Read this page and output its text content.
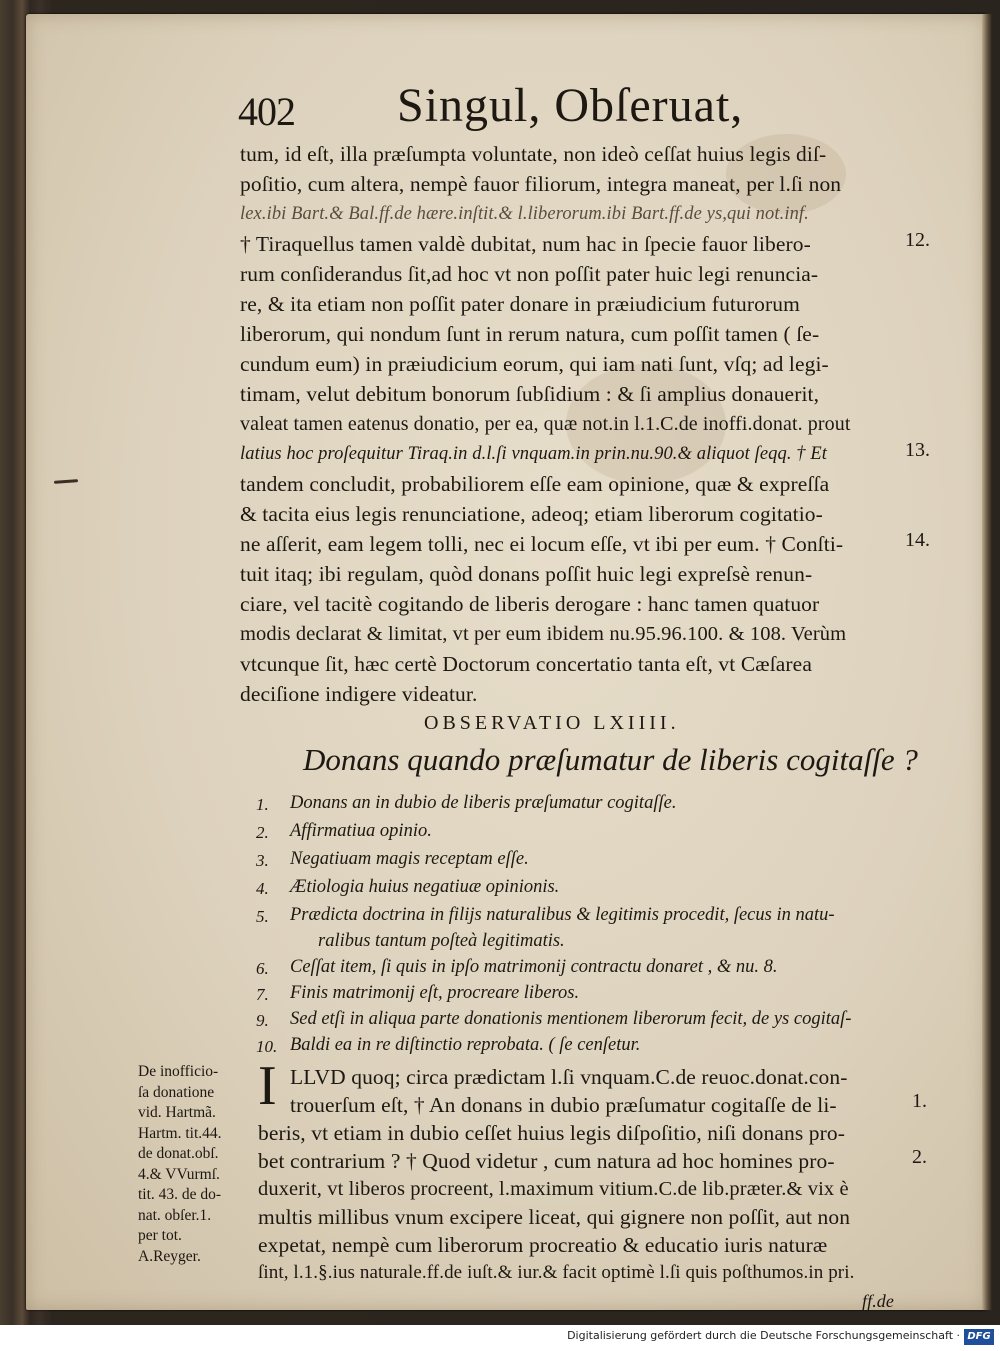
402 Singul, Obſeruat,
tum, id eſt, illa præſumpta voluntate, non ideò ceſſat huius legis diſ-
poſitio, cum altera, nempè fauor filiorum, integra maneat, per l.ſi non
lex.ibi Bart.& Bal.ff.de hære.inſtit.& l.liberorum.ibi Bart.ff.de ys,qui not.inf.
† Tiraquellus tamen valdè dubitat, num hac in ſpecie fauor libero-
rum conſiderandus ſit,ad hoc vt non poſſit pater huic legi renuncia-
re, & ita etiam non poſſit pater donare in præiudicium futurorum
liberorum, qui nondum ſunt in rerum natura, cum poſſit tamen ( ſe-
cundum eum) in præiudicium eorum, qui iam nati ſunt, vſq; ad legi-
timam, velut debitum bonorum ſubſidium : & ſi amplius donauerit,
valeat tamen eatenus donatio, per ea, quæ not.in l.1.C.de inoffi.donat. prout
latius hoc proſequitur Tiraq.in d.l.ſi vnquam.in prin.nu.90.& aliquot ſeqq. † Et
tandem concludit, probabiliorem eſſe eam opinione, quæ & expreſſa
& tacita eius legis renunciatione, adeoq; etiam liberorum cogitatio-
ne aſſerit, eam legem tolli, nec ei locum eſſe, vt ibi per eum. † Conſti-
tuit itaq; ibi regulam, quòd donans poſſit huic legi expreſsè renun-
ciare, vel tacitè cogitando de liberis derogare : hanc tamen quatuor
modis declarat & limitat, vt per eum ibidem nu.95.96.100. & 108. Verùm
vtcunque ſit, hæc certè Doctorum concertatio tanta eſt, vt Cæſarea
deciſione indigere videatur.
12.
13.
14.
OBSERVATIO LXIIII.
Donans quando præſumatur de liberis cogitaſſe ?
1. Donans an in dubio de liberis præſumatur cogitaſſe.
2. Affirmatiua opinio.
3. Negatiuam magis receptam eſſe.
4. Ætiologia huius negatiuæ opinionis.
5. Prædicta doctrina in filijs naturalibus & legitimis procedit, ſecus in natu-
ralibus tantum poſteà legitimatis.
6. Ceſſat item, ſi quis in ipſo matrimonij contractu donaret , & nu. 8.
7. Finis matrimonij eſt, procreare liberos.
9. Sed etſi in aliqua parte donationis mentionem liberorum fecit, de ys cogitaſ-
10. Baldi ea in re diſtinctio reprobata. ( ſe cenſetur.
De inofficio-
ſa donatione
vid. Hartmã.
Hartm. tit.44.
de donat.obſ.
4.& VVurmſ.
tit. 43. de do-
nat. obſer.1.
per tot.
A.Reyger.
I LLVD quoq; circa prædictam l.ſi vnquam.C.de reuoc.donat.con-
trouerſum eſt, † An donans in dubio præſumatur cogitaſſe de li-
beris, vt etiam in dubio ceſſet huius legis diſpoſitio, niſi donans pro-
bet contrarium ? † Quod videtur , cum natura ad hoc homines pro-
duxerit, vt liberos procreent, l.maximum vitium.C.de lib.præter.& vix è
multis millibus vnum excipere liceat, qui gignere non poſſit, aut non
expetat, nempè cum liberorum procreatio & educatio iuris naturæ
ſint, l.1.§.ius naturale.ff.de iuſt.& iur.& facit optimè l.ſi quis poſthumos.in pri.
ff.de
1.
2.
Digitalisierung gefördert durch die Deutsche Forschungsgemeinschaft · DFG
